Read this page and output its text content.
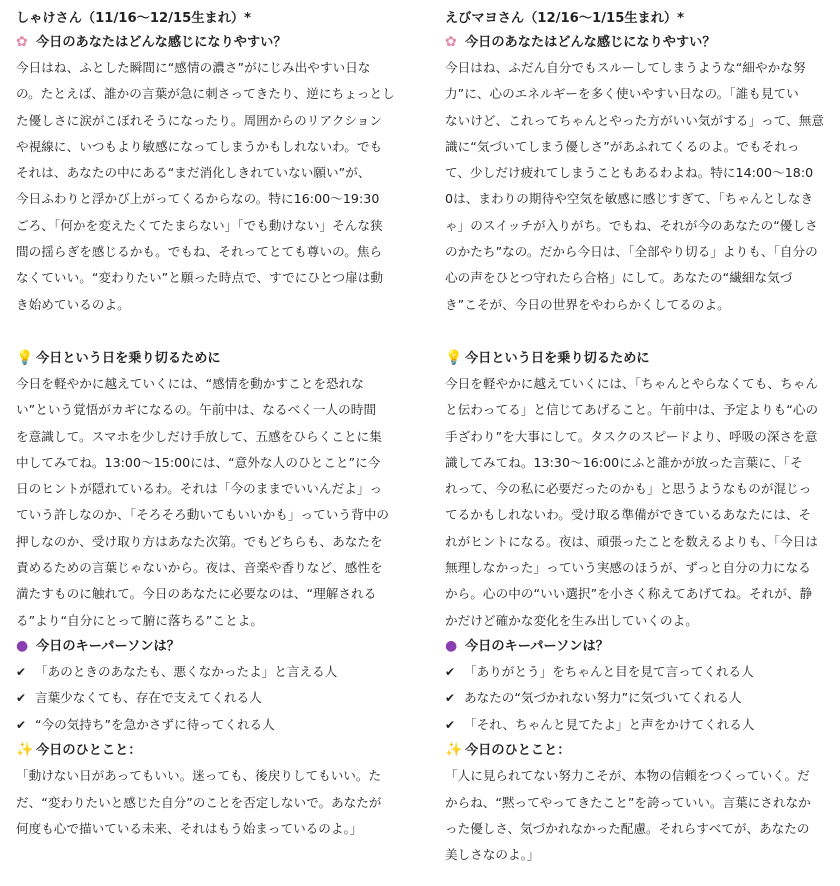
しゃけさん（11/16〜12/15生まれ）*
✿ 今日のあなたはどんな感じになりやすい？

今日はね、ふとした瞬間に“感情の濃さ”がにじみ出やすい日な

の。たとえば、誰かの言葉が急に刺さってきたり、逆にちょっとし

た優しさに涙がこぼれそうになったり。周囲からのリアクション

や視線に、いつもより敏感になってしまうかもしれないわ。でも

それは、あなたの中にある“まだ消化しきれていない願い”が、

今日ふわりと浮かび上がってくるからなの。特に16:00〜19:30

ごろ、「何かを変えたくてたまらない」「でも動けない」そんな狭

間の揺らぎを感じるかも。でもね、それってとても尊いの。焦ら

なくていい。“変わりたい”と願った時点で、すでにひとつ扉は動

き始めているのよ。

💡 今日という日を乗り切るために

今日を軽やかに越えていくには、“感情を動かすことを恐れな

い”という覚悟がカギになるの。午前中は、なるべく一人の時間

を意識して。スマホを少しだけ手放して、五感をひらくことに集

中してみてね。13:00〜15:00には、“意外な人のひとこと”に今

日のヒントが隠れているわ。それは「今のままでいいんだよ」っ

ていう許しなのか、「そろそろ動いてもいいかも」っていう背中の

押しなのか、受け取り方はあなた次第。でもどちらも、あなたを

責めるための言葉じゃないから。夜は、音楽や香りなど、感性を

満たすものに触れて。今日のあなたに必要なのは、“理解される

る”より“自分にとって腑に落ちる”ことよ。

● 今日のキーパーソンは？
✔ 「あのときのあなたも、悪くなかったよ」と言える人
✔ 言葉少なくても、存在で支えてくれる人
✔ “今の気持ち”を急かさずに待ってくれる人
✨ 今日のひとこと：

「動けない日があってもいい。迷っても、後戻りしてもいい。た

だ、“変わりたいと感じた自分”のことを否定しないで。あなたが

何度も心で描いている未来、それはもう始まっているのよ。」

えびマヨさん（12/16〜1/15生まれ）*
✿ 今日のあなたはどんな感じになりやすい？

今日はね、ふだん自分でもスルーしてしまうような“細やかな努

力”に、心のエネルギーを多く使いやすい日なの。「誰も見てい

ないけど、これってちゃんとやった方がいい気がする」って、無意

識に“気づいてしまう優しさ”があふれてくるのよ。でもそれっ

て、少しだけ疲れてしまうこともあるわよね。特に14:00〜18:0

0は、まわりの期待や空気を敏感に感じすぎて、「ちゃんとしなき

ゃ」のスイッチが入りがち。でもね、それが今のあなたの“優しさ

のかたち”なの。だから今日は、「全部やり切る」よりも、「自分の

心の声をひとつ守れたら合格」にして。あなたの“繊細な気づ

き”こそが、今日の世界をやわらかくしてるのよ。

💡 今日という日を乗り切るために

今日を軽やかに越えていくには、「ちゃんとやらなくても、ちゃん

と伝わってる」と信じてあげること。午前中は、予定よりも“心の

手ざわり”を大事にして。タスクのスピードより、呼吸の深さを意

識してみてね。13:30〜16:00にふと誰かが放った言葉に、「そ

れって、今の私に必要だったのかも」と思うようなものが混じっ

てるかもしれないわ。受け取る準備ができているあなたには、そ

れがヒントになる。夜は、頑張ったことを数えるよりも、「今日は

無理しなかった」っていう実感のほうが、ずっと自分の力になる

から。心の中の“いい選択”を小さく称えてあげてね。それが、静

かだけど確かな変化を生み出していくのよ。

● 今日のキーパーソンは？
✔ 「ありがとう」をちゃんと目を見て言ってくれる人
✔ あなたの“気づかれない努力”に気づいてくれる人
✔ 「それ、ちゃんと見てたよ」と声をかけてくれる人
✨ 今日のひとこと：

「人に見られてない努力こそが、本物の信頼をつくっていく。だ

からね、“黙ってやってきたこと”を誇っていい。言葉にされなか

った優しさ、気づかれなかった配慮。それらすべてが、あなたの

美しさなのよ。」
